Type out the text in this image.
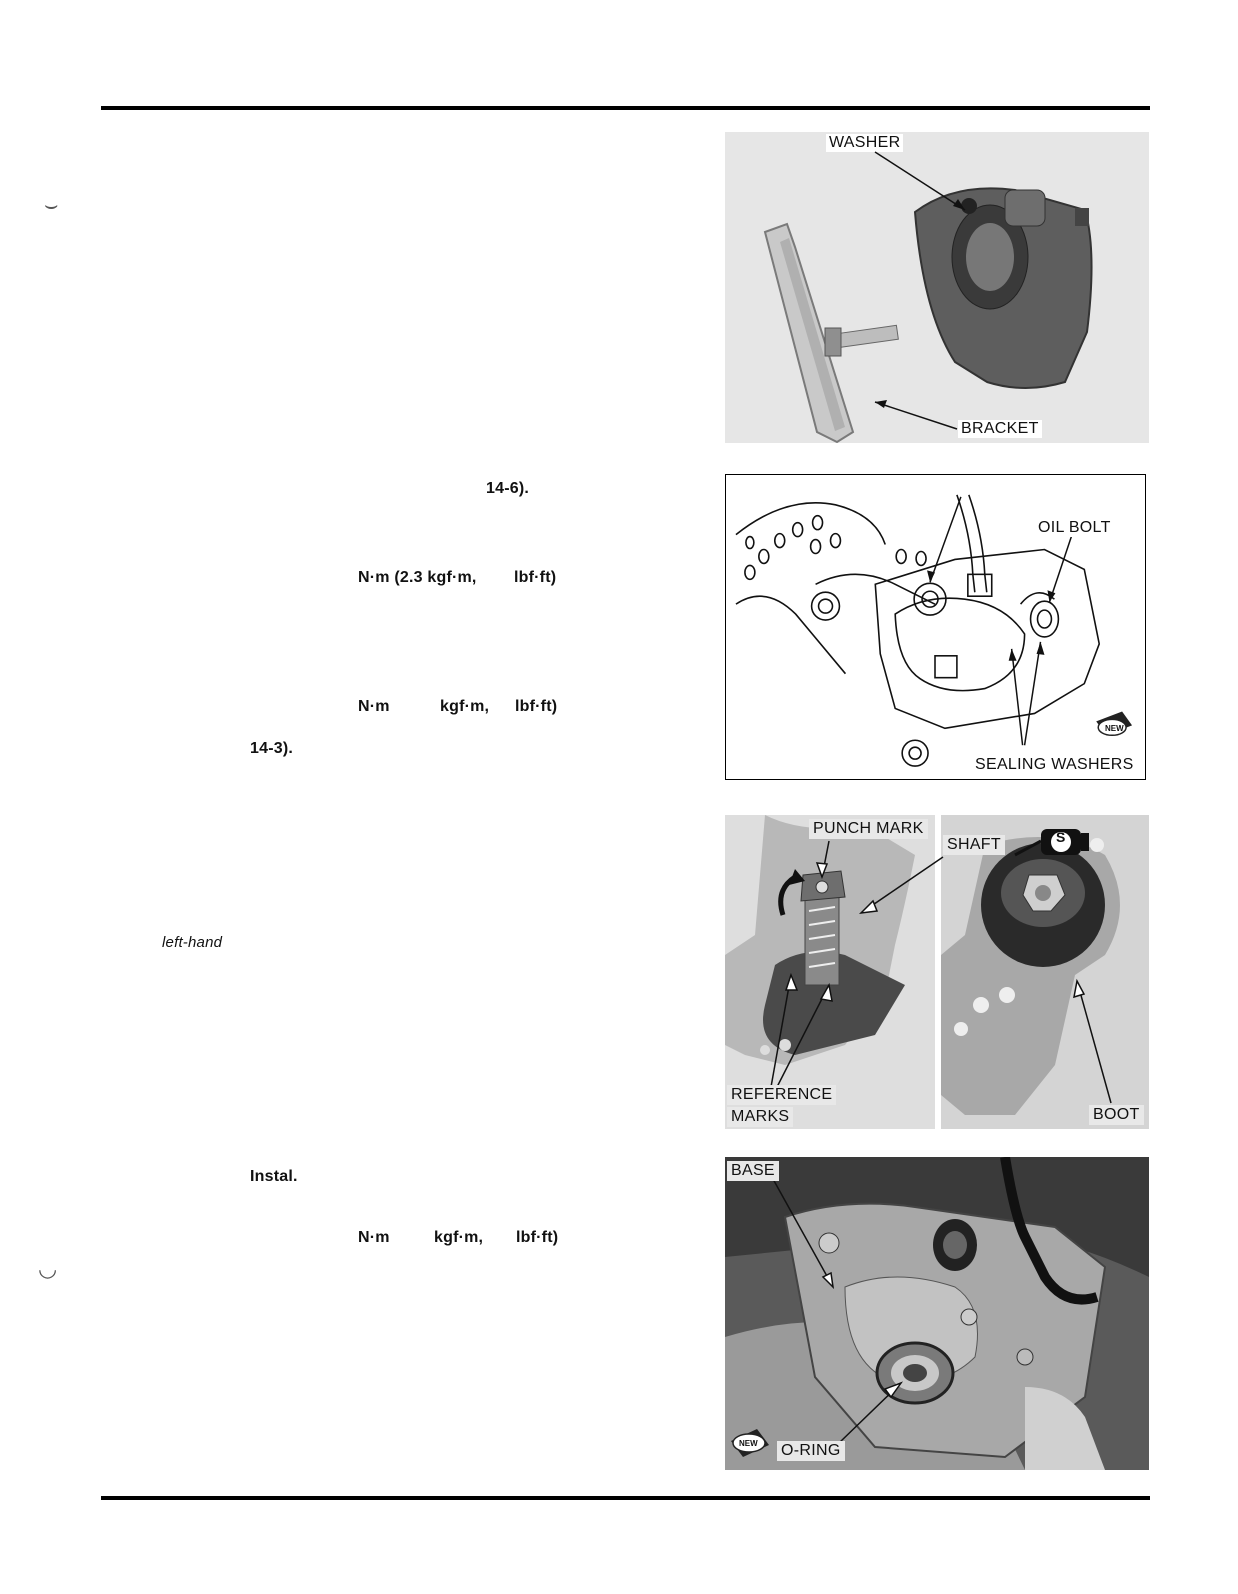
⌣
◡
14-6).
N·m (2.3 kgf·m, lbf·ft)
N·m	kgf·m, lbf·ft)
14-3).
left-hand
Instal.
N·m	kgf·m, lbf·ft)
WASHER
BRACKET
OIL BOLT
SEALING WASHERS
NEW
PUNCH MARK
SHAFT	S
REFERENCE
MARKS	BOOT
BASE
O-RING
NEW
